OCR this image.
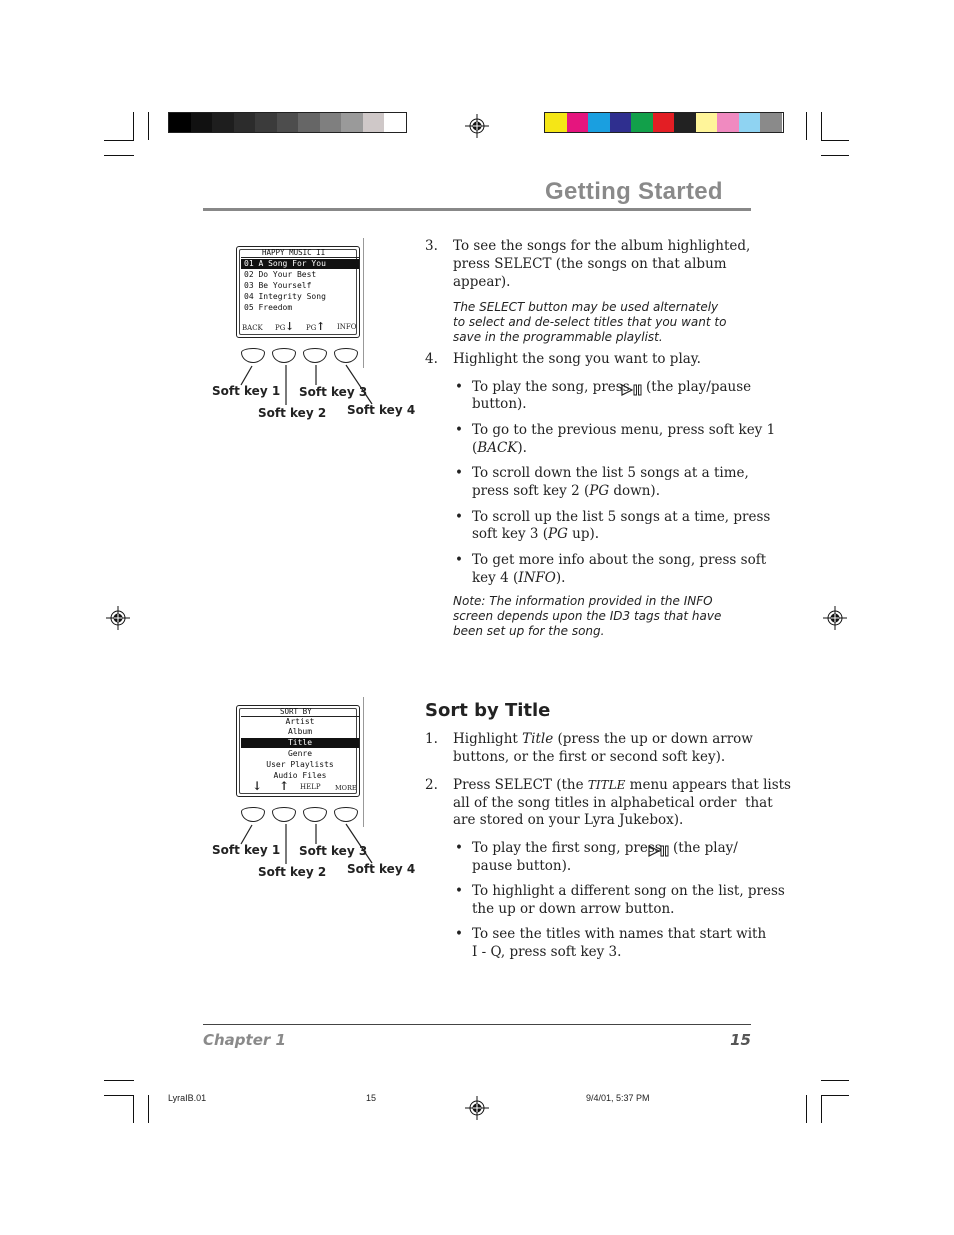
Getting Started
HAPPY MUSIC II
01 A Song For You
02 Do Your Best
03 Be Yourself
04 Integrity Song
05 Freedom
BACK PG ↓ PG ↑ INFO
Soft key 1
Soft key 2
Soft key 3
Soft key 4
3. To see the songs for the album highlighted,
press SELECT (the songs on that album
appear).
The SELECT button may be used alternately
to select and de-select titles that you want to
save in the programmable playlist.
4. Highlight the song you want to play.
• To play the song, press (the play/pause
button).
• To go to the previous menu, press soft key 1
(BACK).
• To scroll down the list 5 songs at a time,
press soft key 2 (PG down).
• To scroll up the list 5 songs at a time, press
soft key 3 (PG up).
• To get more info about the song, press soft
key 4 (INFO).
Note: The information provided in the INFO
screen depends upon the ID3 tags that have
been set up for the song.
SORT BY
Artist
Album
Title
Genre
User Playlists
Audio Files
↓ ↑ HELP MORE
Soft key 1
Soft key 2
Soft key 3
Soft key 4
Sort by Title
1. Highlight Title (press the up or down arrow
buttons, or the first or second soft key).
2. Press SELECT (the TITLE menu appears that lists
all of the song titles in alphabetical order  that
are stored on your Lyra Jukebox).
• To play the first song, press (the play/
pause button).
• To highlight a different song on the list, press
the up or down arrow button.
• To see the titles with names that start with
I - Q, press soft key 3.
Chapter 1	15
LyraIB.01	15	9/4/01, 5:37 PM
